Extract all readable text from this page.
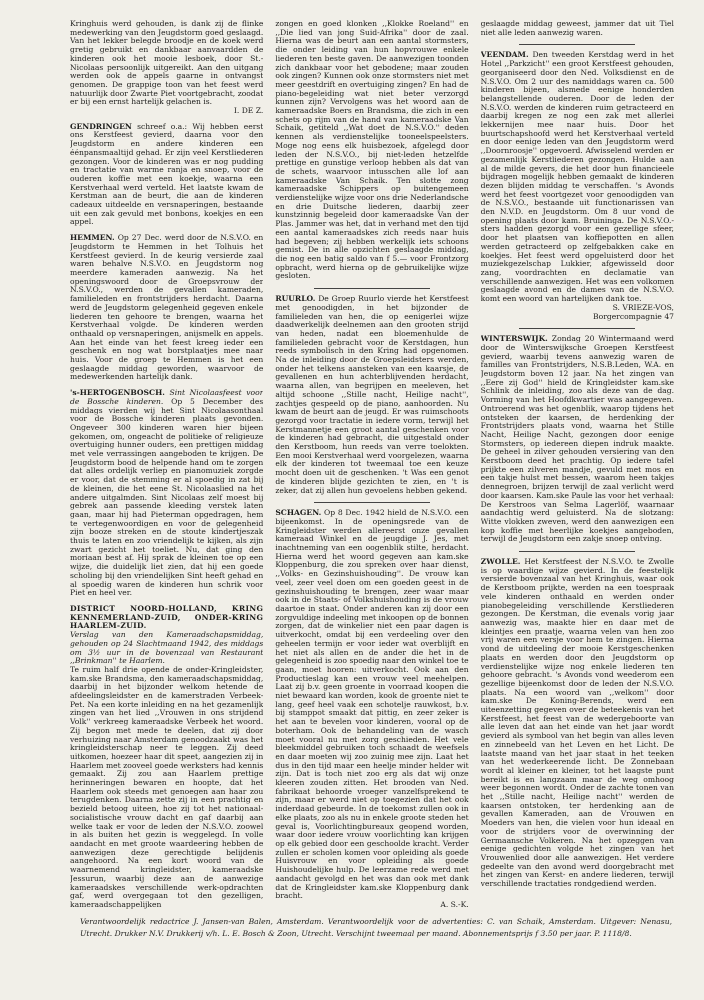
Kringhuis werd gehouden, is dank zij de flinke medewerking van den Jeugdstorm goed geslaagd. Van het lekker belegde broodje en de koek werd gretig gebruikt en dankbaar aanvaardden de kinderen ook het mooie lesboek, door St.-Nicolaas persoonlijk uitgereikt. Aan den uitgang werden ook de appels gaarne in ontvangst genomen. De grappige toon van het feest werd natuurlijk door Zwarte Piet voortgebracht, zoodat er bij een ernst hartelijk gelachen is.

I. DE Z.

GENDRINGEN schreef o.a.: Wij hebben eerst ons Kerstfeest gevierd, daarna voor den Jeugdstorm en andere kinderen een éénpansmaaltijd gehad. Er zijn veel Kerstliederen gezongen. Voor de kinderen was er nog pudding en tractatie van warme ranja en snoep, voor de ouderen koffie met een koekje, waarna een Kerstverhaal werd verteld. Het laatste kwam de Kerstman aan de beurt, die aan de kinderen cadeaux uitdeelde en versnaperingen, bestaande uit een zak gevuld met bonbons, koekjes en een appel.

HEMMEN. Op 27 Dec. werd door de N.S.V.O. en Jeugdstorm te Hemmen in het Tolhuis het Kerstfeest gevierd. In de keurig versierde zaal waren behalve N.S.V.O. en Jeugdstorm nog meerdere kameraden aanwezig. Na het openingswoord door de Groepsvrouw der N.S.V.O., werden de gevallen kameraden, familieleden en frontstrijders herdacht. Daarna werd de Jeugdstorm gelegenheid gegeven enkele liederen ten gehoore te brengen, waarna het Kerstverhaal volgde. De kinderen werden onthaald op versnaperingen, anijsmelk en appels. Aan het einde van het feest kreeg ieder een geschenk en nog wat borstplaatjes mee naar huis. Voor de groep te Hemmen is het een geslaagde middag geworden, waarvoor de medewerkenden hartelijk dank.

's-HERTOGENBOSCH. Sint Nicolaasfeest voor de Bossche kinderen. Op 5 December des middags vierden wij het Sint Nicolaasonthaal voor de Bossche kinderen plaats gevonden. Ongeveer 300 kinderen waren hier bijeen gekomen, om, ongeacht de politieke of religieuze overtuiging hunner ouders, een prettigen middag met vele verrassingen aangeboden te krijgen. De Jeugdstorm bood de helpende hand om te zorgen dat alles ordelijk verliep en pianomuziek zorgde er voor, dat de stemming er al spoedig in zat bij de kleinen, die het eene St. Nicolaaslied na het andere uitgalmden. Sint Nicolaas zelf moest bij gebrek aan passende kleeding verstek laten gaan, maar hij had Pieterman opgedragen, hem te vertegenwoordigen en voor de gelegenheid zijn booze streken en de stoute kindertjeszak thuis te laten en zoo vriendelijk te kijken, als zijn zwart gezicht het toeliet. Nu, dat ging den moriaan best af. Hij sprak de kleinen toe op een wijze, die duidelijk liet zien, dat hij een goede scholing bij den vriendelijken Sint heeft gehad en al spoedig waren de kinderen hun schrik voor Piet en heel ver.

DISTRICT NOORD-HOLLAND, KRING KENNEMERLAND-ZUID, ONDER-KRING HAARLEM-ZUID.

Verslag van den Kameraadschapsmiddag, gehouden op 24 Slachtmaand 1942, des middags om 3½ uur in de bovenzaal van Restaurant ,,Brinkman'' te Haarlem.

Te ruim half drie opende de onder-Kringleidster, kam.ske Brandsma, den kameraadschapsmiddag, daarbij in het bijzonder welkom hetende de afdeelingsleidster en de kamerstraden Verbeek-Pet. Na een korte inleiding en na het gezamenlijk zingen van het lied ,,Vrouwen in ons strijdend Volk'' verkreeg kameraadske Verbeek het woord. Zij begon met mede te deelen, dat zij door verhuizing naar Amsterdam genoodzaakt was het kringleidsterschap neer te leggen. Zij deed uitkomen, hoezeer haar dit speet, aangezien zij in Haarlem met zooveel goede werksters had kennis gemaakt. Zij zou aan Haarlem prettige herinneringen bewaren en hoopte, dat het Haarlem ook steeds met genoegen aan haar zou terugdenken. Daarna zette zij in een prachtig en bezield betoog uiteen, hoe zij tot het nationaal-socialistische vrouw dacht en gaf daarbij aan welke taak er voor de leden der N.S.V.O. zoowel in als buiten het gezin is weggelegd. In volle aandacht en met groote waardeering hebben de aanwezigen deze gerechtigde belijdenis aangehoord. Na een kort woord van de waarnemend kringleidster, kameraadske Jessurun, waarbij deze aan de aanwezige kameraadskes verschillende werk-opdrachten gaf, werd overgegaan tot den gezelligen, kameraadschappelijken

zongen en goed klonken ,,Klokke Roeland'' en ,,Die lied van jong Suid-Afrika'' door de zaal. Hierna was de beurt aan een aantal stormsters, die onder leiding van hun hopvrouwe enkele liederen ten beste gaven. De aanwezigen toonden zich dankbaar voor het gebodene; maar zouden ook zingen? Kunnen ook onze stormsters niet met meer geestdrift en overtuiging zingen? En had de piano-begeleiding wat niet beter verzorgd kunnen zijn? Vervolgens was het woord aan de kameraadske Boers en Brandsma, die zich in een schets op rijm van de hand van kameraadske Van Schaik, getiteld ,,Wat doet de N.S.V.O.'' deden kennen als verdienstelijke tooneelspeelsters. Moge nog eens elk huisbezoek, afgelegd door leden der N.S.V.O., bij niet-leden hetzelfde prettige en gunstige verloop hebben als dat van de schets, waarvoor intusschen alle lof aan kameraadske Van Schaik. Ten slotte zong kameraadske Schippers op buitengemeen verdienstelijke wijze voor ons drie Nederlandsche en drie Duitsche liederen, daarbij zeer kunstzinnig begeleid door kameraadske Van der Plas. Jammer was het, dat in verhand met den tijd een aantal kameraadskes zich reeds naar huis had begeven; zij hebben werkelijk iets schoons gemist. De in alle opzichten geslaagde middag, die nog een batig saldo van f 5.— voor Frontzorg opbracht, werd hierna op de gebruikelijke wijze gesloten.

RUURLO. De Groep Ruurlo vierde het Kerstfeest met genoodigden, in het bijzonder de familieleden van hen, die op eenigerlei wijze daadwerkelijk deelnemen aan den grooten strijd van heden, nadat een bloemenhulde de familieleden gebracht voor de Kerstdagen, hun reeds symbolisch in den Kring had opgenomen. Na de inleiding door de Groepsleidsters werden, onder het telkens aansteken van een kaarsje, de gevallenen en hun achterblijvenden herdacht, waarna allen, van begrijpen en meeleven, het altijd schoone ,,Stille nacht, Heilige nacht'', zachtjes gespeeld op de piano, aanhoorden. Nu kwam de beurt aan de jeugd. Er was ruimschoots gezorgd voor tractatie in iedere vorm, terwijl het Kerstmannetje een groot aantal geschenken voor de kinderen had gebracht, die uitgestald onder den Kerstboom, hun reeds van verre toelokten. Een mooi Kerstverhaal werd voorgelezen, waarna elk der kinderen tot tweemaal toe een keuze mocht doen uit de geschenken. 't Was een genot de kinderen blijde gezichten te zien, en 't is zeker, dat zij allen hun gevoelens hebben gekend.

SCHAGEN. Op 8 Dec. 1942 hield de N.S.V.O. een bijeenkomst. In de openingsrede van de Kringleidster werden allereerst onze gevallen kameraad Winkel en de jeugdige J. Jes, met inachtneming van een oogenblik stilte, herdacht. Hierna werd het woord gegeven aan kam.ske Kloppenburg, die zou spreken over haar dienst, ,,Volks- en Gezinshuishouding''. De vrouw kan veel, zeer veel doen om een goeden geest in de gezinshuishouding te brengen, zeer waar maar ook in de Staats- of Volkshuishouding is de vrouw daartoe in staat. Onder anderen kan zij door een zorgvuldige indeeling met inkoopen op de bonnen zorgen, dat de winkelier niet een paar dagen is uitverkocht, omdat bij een verdeeling over den geheelen termijn er voor ieder wat overblijft en het niet als allen en de ander die het in de gelegenheid is zoo spoedig naar den winkel toe te gaan, moet hooren: uitverkocht. Ook aan den Productieslag kan een vrouw veel meehelpen. Laat zij b.v. geen groente in voorraad koopen die niet bewaard kan worden, kook de groente niet te lang, geef heel vaak een schotelje rauwkost, b.v. bij stamppot smaakt dat pittig, en zeer zeker is het aan te bevelen voor kinderen, vooral op de boterham. Ook de behandeling van de wasch moet vooral nu met zorg geschieden. Het vele bleekmiddel gebruiken toch schaadt de weefsels en daar moeten wij zoo zuinig mee zijn. Laat het dus in den tijd maar een heelje minder helder wit zijn. Dat is toch niet zoo erg als dat wij onze kleeren zouden zitten. Het brooden van Ned. fabrikaat behoorde vroeger vanzelfsprekend te zijn, maar er werd niet op toegezien dat het ook inderdaad gebeurde. In de toekomst zullen ook in elke plaats, zoo als nu in enkele groote steden het geval is, Voorlichtingbureaux geopend worden, waar door iedere vrouw voorlichting kan krijgen op elk gebied door een geschoolde kracht. Verder zullen er scholen komen voor opleiding als goede Huisvrouw en voor opleiding als goede Huishoudelijke hulp. De leerzame rede werd met aandacht gevolgd en het was dan ook met dank dat de Kringleidster kam.ske Kloppenburg dank bracht.

A. S.-K.

geslaagde middag geweest, jammer dat uit Tiel niet alle leden aanwezig waren.

VEENDAM. Den tweeden Kerstdag werd in het Hotel ,,Parkzicht'' een groot Kerstfeest gehouden, georganiseerd door den Ned. Volksdienst en de N.S.V.O. Om 2 uur des namiddags waren ca. 500 kinderen bijeen, alsmede eenige honderden belangstellende ouderen. Door de leden der N.S.V.O. werden de kinderen ruim getracteerd en daarbij kregen ze nog een zak met allerlei lekkernijen mee naar huis. Door het buurtschapshoofd werd het Kerstverhaal verteld en door eenige leden van den Jeugdstorm werd ,,Doornroosje'' opgevoerd. Afwisselend werden er gezamenlijk Kerstliederen gezongen. Hulde aan al de milde gevers, die het door hun financieele bijdragen mogelijk hebben gemaakt de kinderen dezen blijden middag te verschaffen. 's Avonds werd het feest voortgezet voor genoodigden van de N.S.V.O., bestaande uit functionarissen van den N.V.D. en Jeugdstorm. Om 8 uur vond de opening plaats door kam. Bruininga. De N.S.V.O.-sters hadden gezorgd voor een gezellige sfeer, door het plaatsen van koffiepotten en allen werden getracteerd op zelfgebakken cake en koekjes. Het feest werd opgeluisterd door het muziekgezelschap Lukkier, afgewisseld door zang, voordrachten en declamatie van verschillende aanwezigen. Het was een volkomen geslaagde avond en de dames van de N.S.V.O. komt een woord van hartelijken dank toe.

S. VRIEZE-VOS,

Borgercompagnie 47

WINTERSWIJK. Zondag 20 Wintermaand werd door de Winterswijksche Groepen Kerstfeest gevierd, waarbij tevens aanwezig waren de familles van Frontstrijders, N.S.B.Leden, W.A. en Jeugdstorm boven 12 jaar. Na het zingen van ,,Eere zij God'' hield de Kringleidster kam.ske Schlink de inleiding, zoo als deze van de dag. Vorming van het Hoofdkwartier was aangegeven. Ontroerend was het ogenblik, waarop tijdens het ontsteken der kaarsen, de herdenking der Frontstrijders plaats vond, waarna het Stille Nacht, Heilige Nacht, gezongen door eenige Stormsters, op iedereen diepen indruk maakte. De geheel in zilver gehouden versiering van den Kerstboom deed het prachtig. Op iedere tafel prijkte een zilveren mandje, gevuld met mos en een takje hulst met bessen, waarom heen takjes dennegroen, brijzen terwijl de zaal verlicht werd door kaarsen. Kam.ske Paule las voor het verhaal: De Kerstroos van Selma Lagerlöf, waarnaar aandachtig werd geluisterd. Na de slotzang: Witte vlokken zweven, werd den aanwezigen een kop koffie met heerlijke koekjes aangeboden, terwijl de Jeugdstorm een zakje snoep ontving.

ZWOLLE. Het Kerstfeest der N.S.V.O. te Zwolle is op waardige wijze gevierd. In de feestelijk versierde bovenzaal van het Kringhuis, waar ook de Kerstboom prijkte, werden na een toespraak vele kinderen onthaald en werden onder pianobegeleiding verschillende Kerstliederen gezongen. De Kerstman, die evenals vorig jaar aanwezig was, maakte hier en daar met de kleintjes een praatje, waarna velen van hen zoo vrij waren een versje voor hem te zingen. Hierna vond de uitdeeling der mooie Kerstgeschenken plaats en werden door den Jeugdstorm op verdienstelijke wijze nog enkele liederen ten gehoore gebracht. 's Avonds vond weederom een gezellige bijeenkomst door de leden der N.S.V.O. plaats. Na een woord van ,,welkom'' door kam.ske De Koning-Berends, werd een uiteenzetting gegeven over de beteekenis van het Kerstfeest, het feest van de wedergeboorte van alle leven dat aan het einde van het jaar wordt gevierd als symbool van het begin van alles leven en zinnebeeld van het Leven en het Licht. De laatste maand van het jaar staat in het teeken van het wederkeerende licht. De Zonnebaan wordt al kleiner en kleiner, tot het laagste punt bereikt is en langzaam maar de weg omhoog weer begonnen wordt. Onder de zachte tonen van het ,,Stille nacht, Heilige nacht'' werden de kaarsen ontstoken, ter herdenking aan de gevallen Kameraden, aan de Vrouwen en Moeders van hen, die vielen voor hun ideaal en voor de strijders voor de overwinning der Germaansche Volkeren. Na het opzeggen van eenige gedichten volgde het zingen van het Vrouwenlied door alle aanwezigen. Het verdere gedeelte van den avond werd doorgebracht met het zingen van Kerst- en andere liederen, terwijl verschillende tractaties rondgediend werden.

Verantwoordelijk redactrice J. Jansen-van Balen, Amsterdam. Verantwoordelijk voor de advertenties: C. van Schaik, Amsterdam. Uitgever: Nenasu, Utrecht. Drukker N.V. Drukkerij v/h. L. E. Bosch & Zoon, Utrecht. Verschijnt tweemaal per maand. Abonnementsprijs f 3.50 per jaar. P. 1118/8.
